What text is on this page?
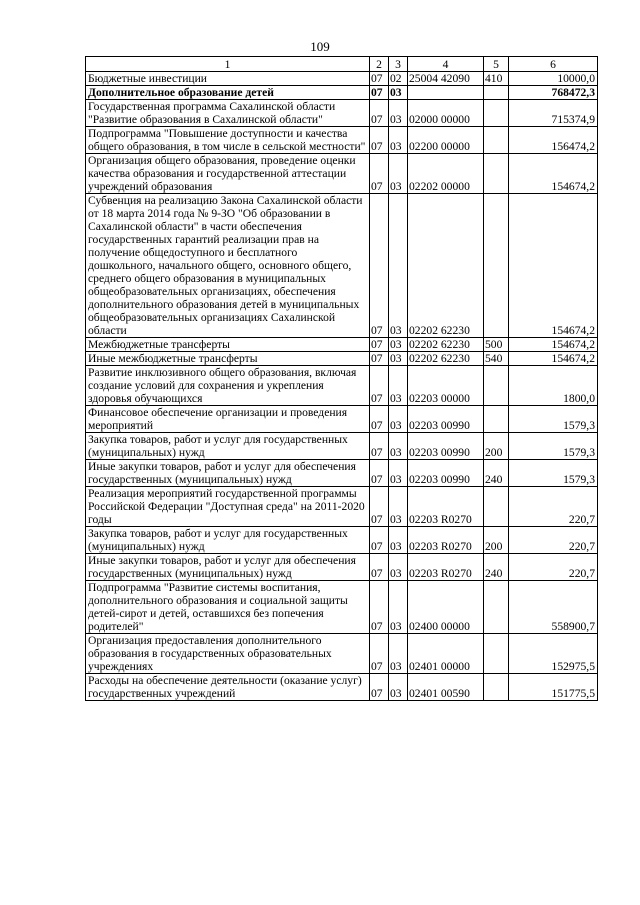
109
1	2	3	4	5	6
Бюджетные инвестиции	07	02	25004 42090	410	10000,0
Дополнительное образование детей	07	03			768472,3
Государственная программа Сахалинской области "Развитие образования в Сахалинской области"	07	03	02000 00000		715374,9
Подпрограмма "Повышение доступности и качества общего образования, в том числе в сельской местности"	07	03	02200 00000		156474,2
Организация общего образования, проведение оценки качества образования и государственной аттестации учреждений образования	07	03	02202 00000		154674,2
Субвенция на реализацию Закона Сахалинской области от 18 марта 2014 года № 9-ЗО "Об образовании в Сахалинской области" в части обеспечения государственных гарантий реализации прав на получение общедоступного и бесплатного дошкольного, начального общего, основного общего, среднего общего образования в муниципальных общеобразовательных организациях, обеспечения дополнительного образования детей в муниципальных общеобразовательных организациях Сахалинской области	07	03	02202 62230		154674,2
Межбюджетные трансферты	07	03	02202 62230	500	154674,2
Иные межбюджетные трансферты	07	03	02202 62230	540	154674,2
Развитие инклюзивного общего образования, включая создание условий для сохранения и укрепления здоровья обучающихся	07	03	02203 00000		1800,0
Финансовое обеспечение организации и проведения мероприятий	07	03	02203 00990		1579,3
Закупка товаров, работ и услуг для государственных (муниципальных) нужд	07	03	02203 00990	200	1579,3
Иные закупки товаров, работ и услуг для обеспечения государственных (муниципальных) нужд	07	03	02203 00990	240	1579,3
Реализация мероприятий государственной программы Российской Федерации "Доступная среда" на 2011-2020 годы	07	03	02203 R0270		220,7
Закупка товаров, работ и услуг для государственных (муниципальных) нужд	07	03	02203 R0270	200	220,7
Иные закупки товаров, работ и услуг для обеспечения государственных (муниципальных) нужд	07	03	02203 R0270	240	220,7
Подпрограмма "Развитие системы воспитания, дополнительного образования и социальной защиты детей-сирот и детей, оставшихся без попечения родителей"	07	03	02400 00000		558900,7
Организация предоставления дополнительного образования в государственных образовательных учреждениях	07	03	02401 00000		152975,5
Расходы на обеспечение деятельности (оказание услуг) государственных учреждений	07	03	02401 00590		151775,5
